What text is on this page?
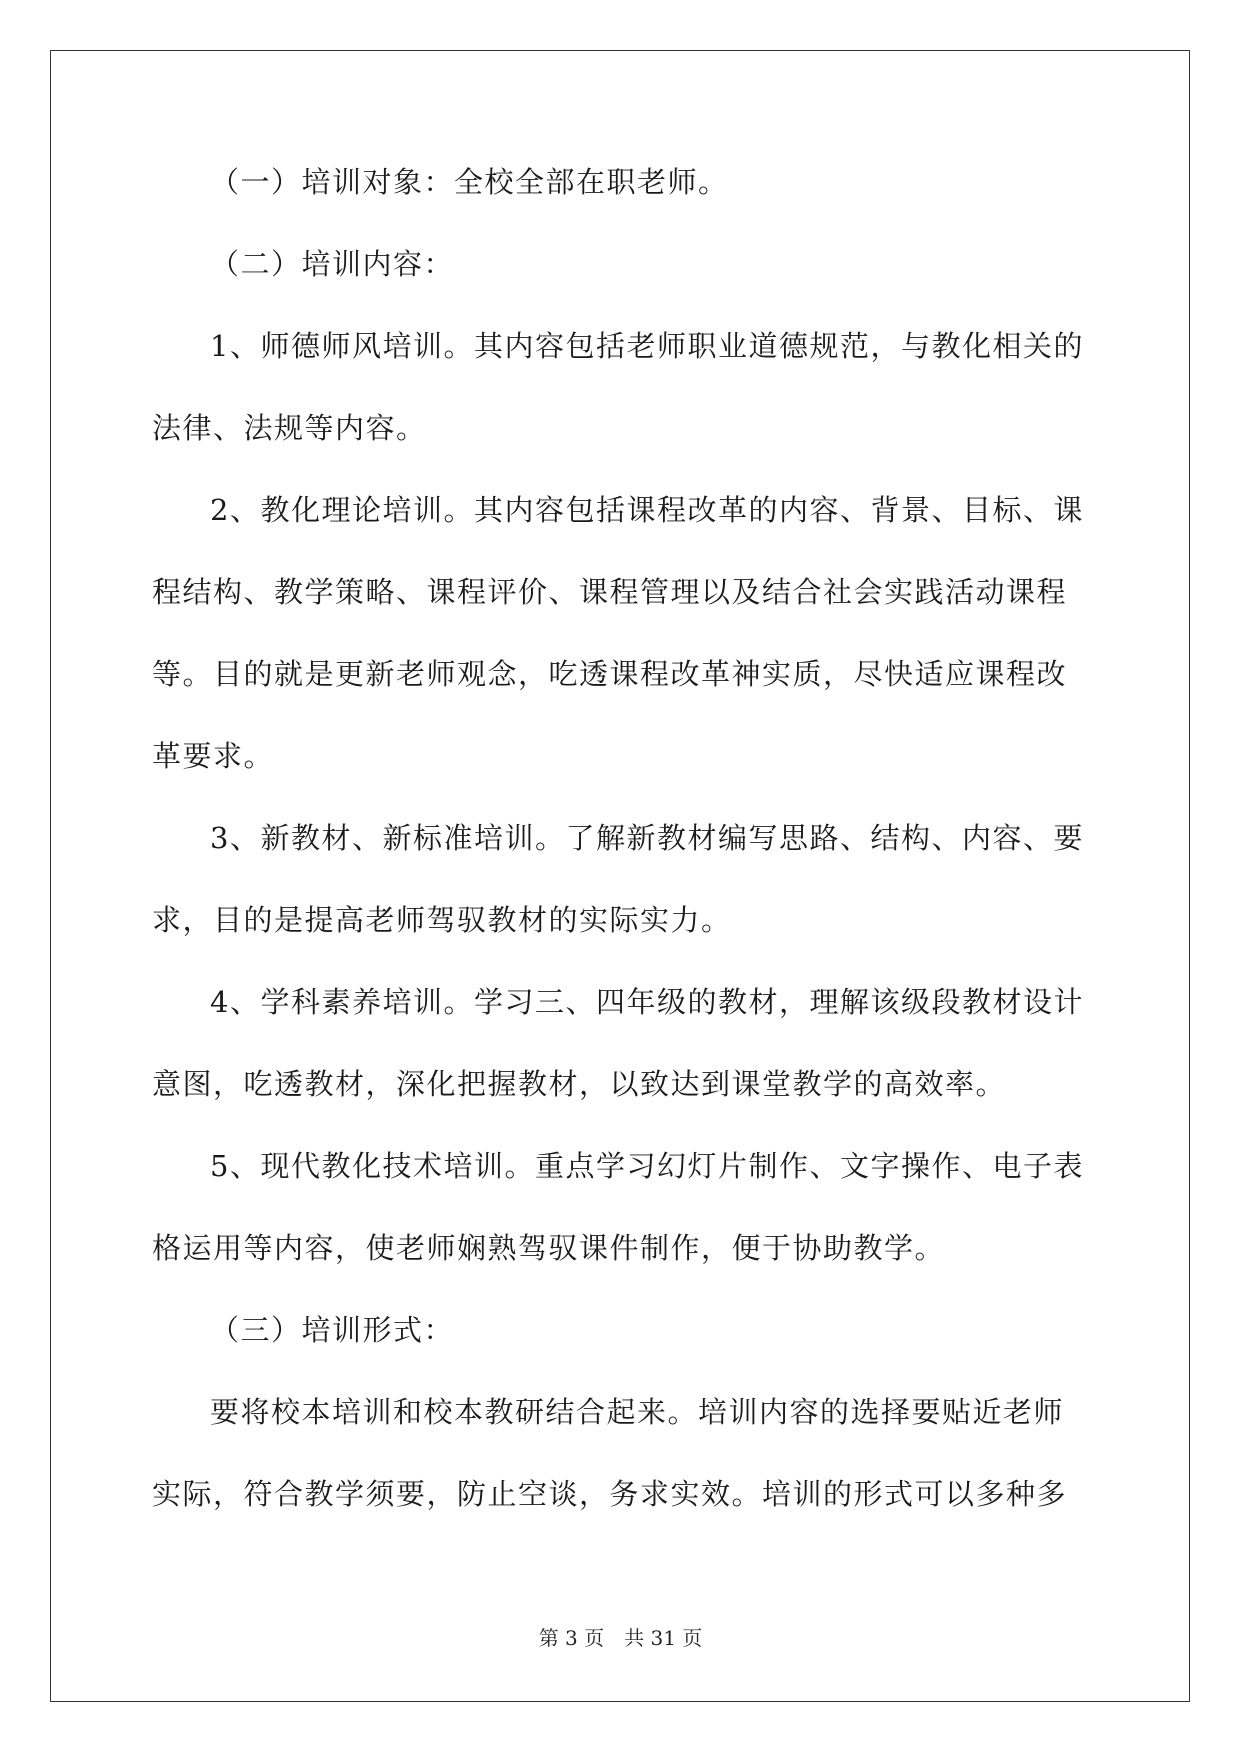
（一）培训对象：全校全部在职老师。
（二）培训内容：
1、师德师风培训。其内容包括老师职业道德规范，与教化相关的
法律、法规等内容。
2、教化理论培训。其内容包括课程改革的内容、背景、目标、课
程结构、教学策略、课程评价、课程管理以及结合社会实践活动课程
等。目的就是更新老师观念，吃透课程改革神实质，尽快适应课程改
革要求。
3、新教材、新标准培训。了解新教材编写思路、结构、内容、要
求，目的是提高老师驾驭教材的实际实力。
4、学科素养培训。学习三、四年级的教材，理解该级段教材设计
意图，吃透教材，深化把握教材，以致达到课堂教学的高效率。
5、现代教化技术培训。重点学习幻灯片制作、文字操作、电子表
格运用等内容，使老师娴熟驾驭课件制作，便于协助教学。
（三）培训形式：
要将校本培训和校本教研结合起来。培训内容的选择要贴近老师
实际，符合教学须要，防止空谈，务求实效。培训的形式可以多种多
第 3 页　共 31 页
